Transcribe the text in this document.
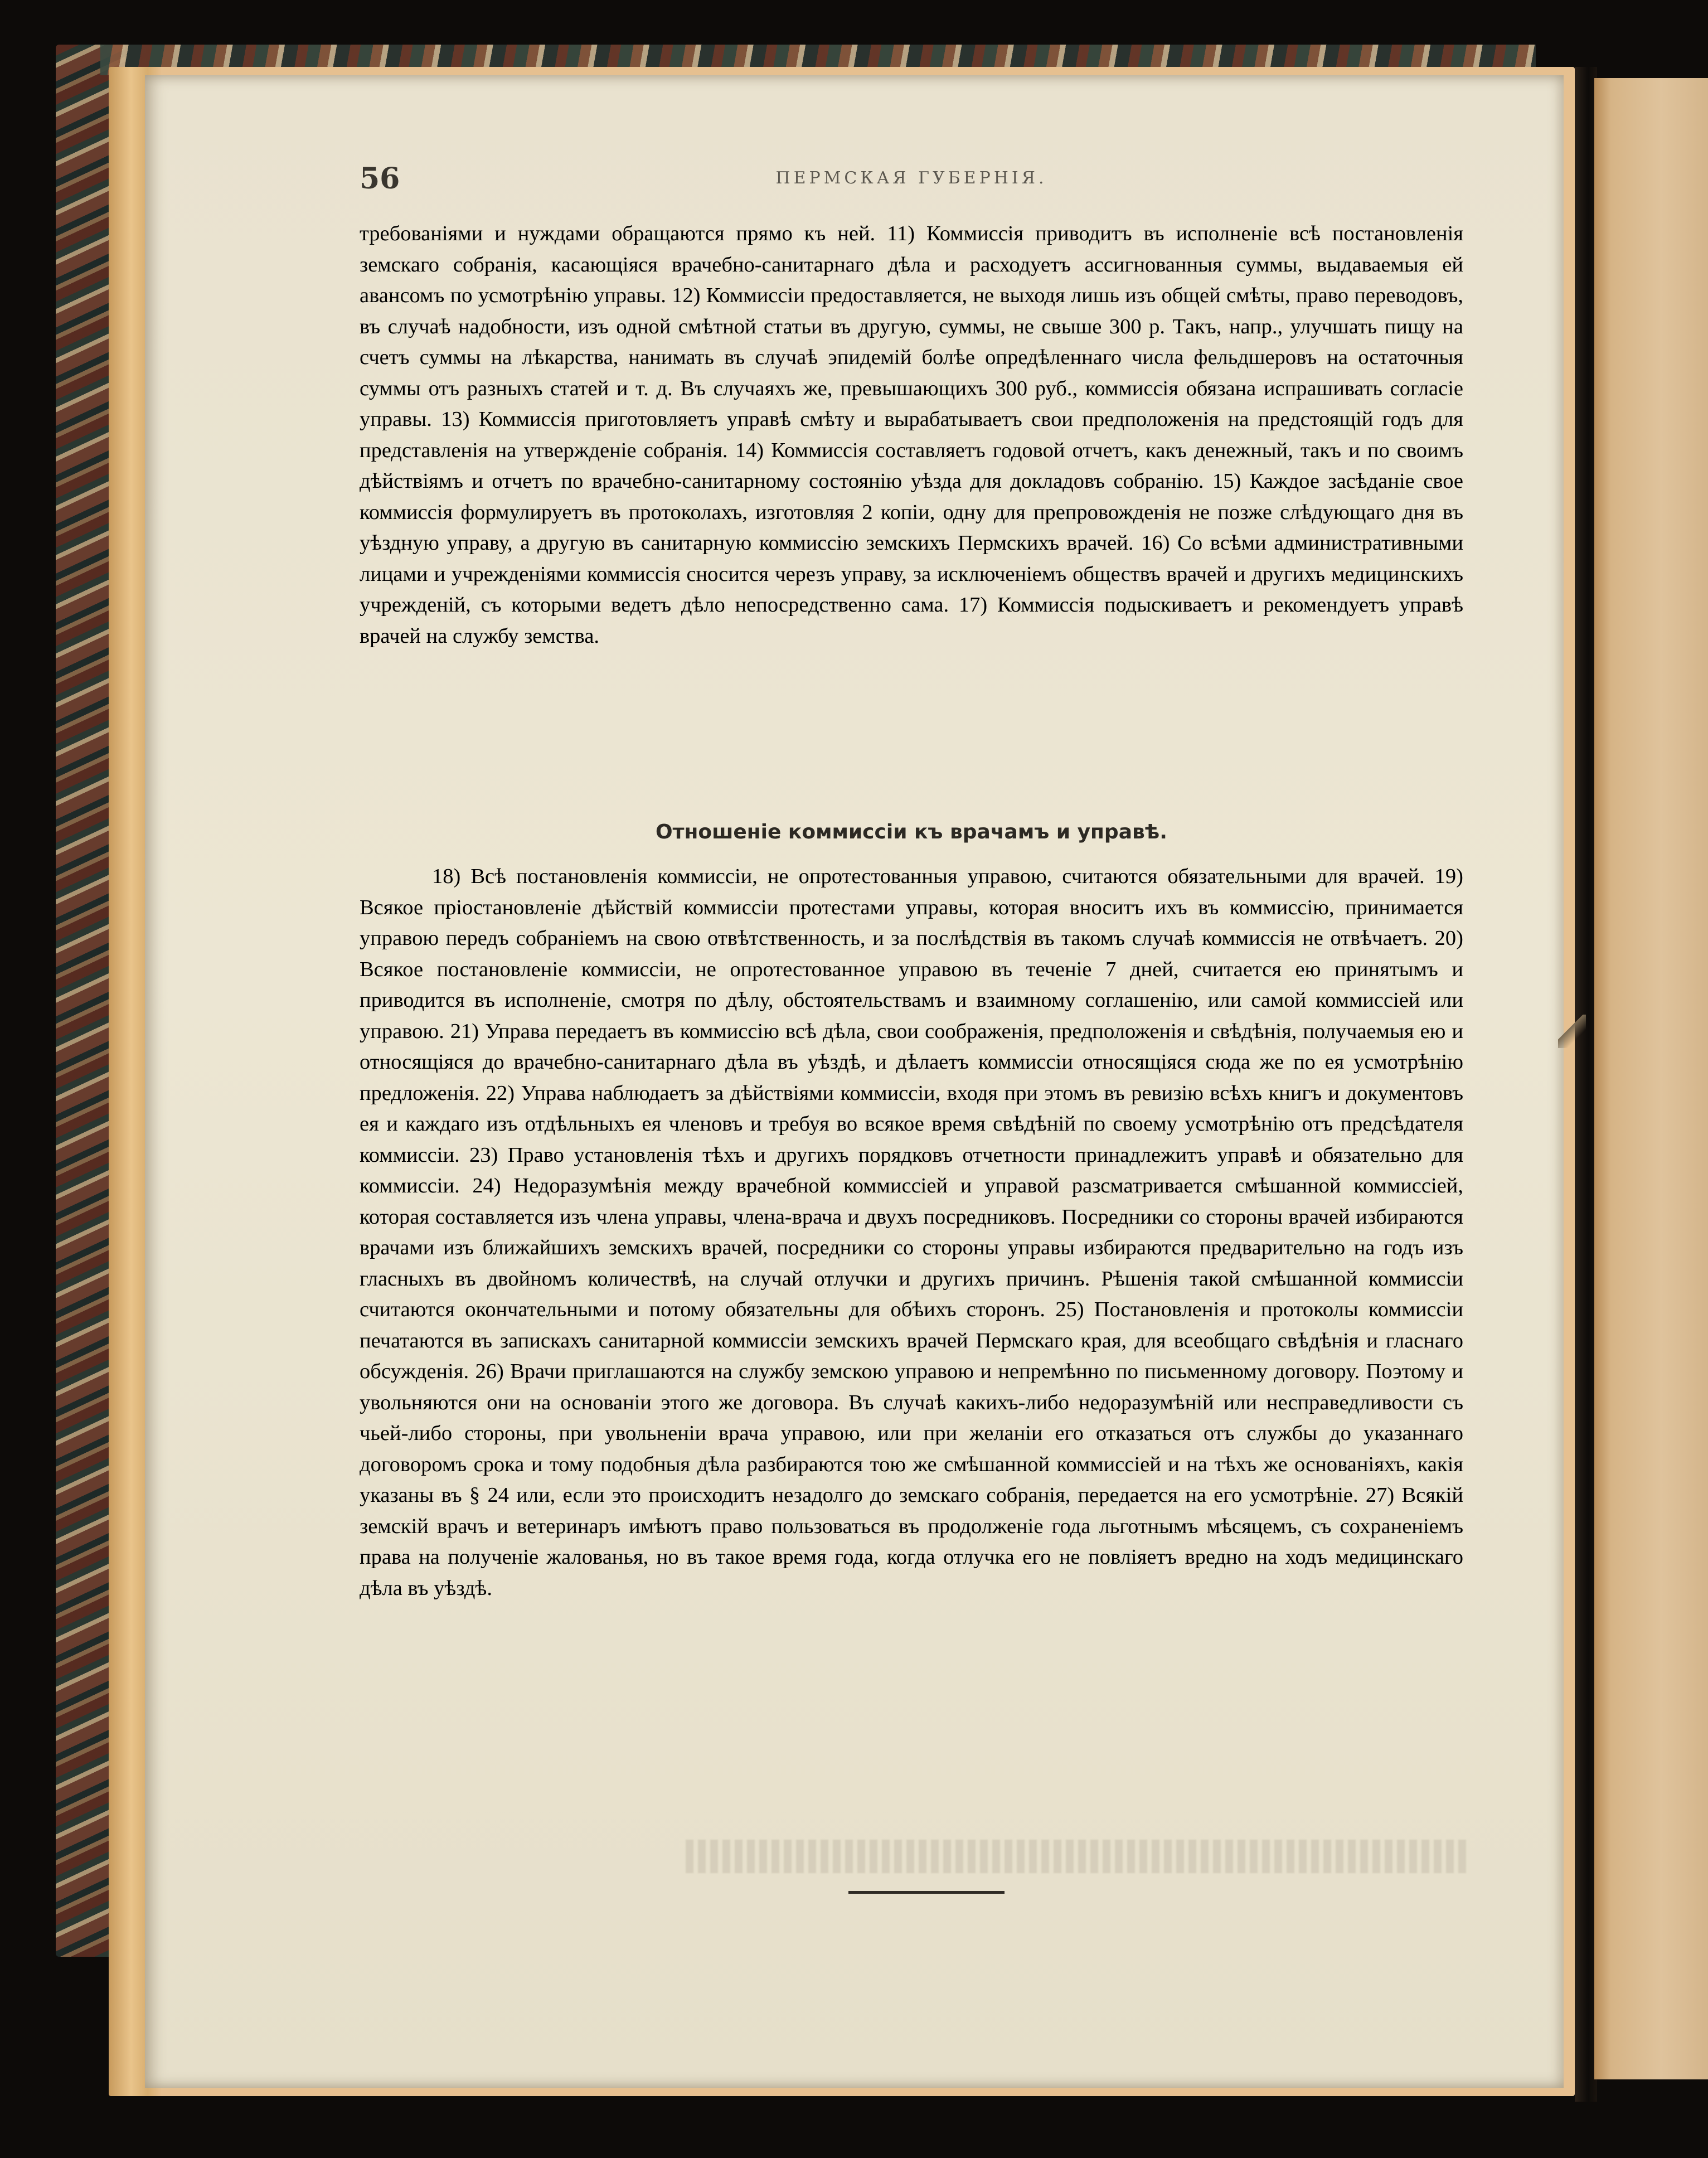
56	ПЕРМСКАЯ ГУБЕРНІЯ.

требованіями и нуждами обращаются прямо къ ней. 11) Коммиссія приводитъ въ исполненіе всѣ постановленія земскаго собранія, касающіяся врачебно-санитарнаго дѣла и расходуетъ ассигнованныя суммы, выдаваемыя ей авансомъ по усмотрѣнію управы. 12) Коммиссіи предоставляется, не выходя лишь изъ общей смѣты, право переводовъ, въ случаѣ надобности, изъ одной смѣтной статьи въ другую, суммы, не свыше 300 р. Такъ, напр., улучшать пищу на счетъ суммы на лѣкарства, нанимать въ случаѣ эпидемій болѣе опредѣленнаго числа фельдшеровъ на остаточныя суммы отъ разныхъ статей и т. д. Въ случаяхъ же, превышающихъ 300 руб., коммиссія обязана испрашивать согласіе управы. 13) Коммиссія приготовляетъ управѣ смѣту и вырабатываетъ свои предположенія на предстоящій годъ для представленія на утвержденіе собранія. 14) Коммиссія составляетъ годовой отчетъ, какъ денежный, такъ и по своимъ дѣйствіямъ и отчетъ по врачебно-санитарному состоянію уѣзда для докладовъ собранію. 15) Каждое засѣданіе свое коммиссія формулируетъ въ протоколахъ, изготовляя 2 копіи, одну для препровожденія не позже слѣдующаго дня въ уѣздную управу, а другую въ санитарную коммиссію земскихъ Пермскихъ врачей. 16) Со всѣми административными лицами и учрежденіями коммиссія сносится черезъ управу, за исключеніемъ обществъ врачей и другихъ медицинскихъ учрежденій, съ которыми ведетъ дѣло непосредственно сама. 17) Коммиссія подыскиваетъ и рекомендуетъ управѣ врачей на службу земства.

Отношеніе коммиссіи къ врачамъ и управѣ.

18) Всѣ постановленія коммиссіи, не опротестованныя управою, считаются обязательными для врачей. 19) Всякое пріостановленіе дѣйствій коммиссіи протестами управы, которая вноситъ ихъ въ коммиссію, принимается управою передъ собраніемъ на свою отвѣтственность, и за послѣдствія въ такомъ случаѣ коммиссія не отвѣчаетъ. 20) Всякое постановленіе коммиссіи, не опротестованное управою въ теченіе 7 дней, считается ею принятымъ и приводится въ исполненіе, смотря по дѣлу, обстоятельствамъ и взаимному соглашенію, или самой коммиссіей или управою. 21) Управа передаетъ въ коммиссію всѣ дѣла, свои соображенія, предположенія и свѣдѣнія, получаемыя ею и относящіяся до врачебно-санитарнаго дѣла въ уѣздѣ, и дѣлаетъ коммиссіи относящіяся сюда же по ея усмотрѣнію предложенія. 22) Управа наблюдаетъ за дѣйствіями коммиссіи, входя при этомъ въ ревизію всѣхъ книгъ и документовъ ея и каждаго изъ отдѣльныхъ ея членовъ и требуя во всякое время свѣдѣній по своему усмотрѣнію отъ предсѣдателя коммиссіи. 23) Право установленія тѣхъ и другихъ порядковъ отчетности принадлежитъ управѣ и обязательно для коммиссіи. 24) Недоразумѣнія между врачебной коммиссіей и управой разсматривается смѣшанной коммиссіей, которая составляется изъ члена управы, члена-врача и двухъ посредниковъ. Посредники со стороны врачей избираются врачами изъ ближайшихъ земскихъ врачей, посредники со стороны управы избираются предварительно на годъ изъ гласныхъ въ двойномъ количествѣ, на случай отлучки и другихъ причинъ. Рѣшенія такой смѣшанной коммиссіи считаются окончательными и потому обязательны для обѣихъ сторонъ. 25) Постановленія и протоколы коммиссіи печатаются въ запискахъ санитарной коммиссіи земскихъ врачей Пермскаго края, для всеобщаго свѣдѣнія и гласнаго обсужденія. 26) Врачи приглашаются на службу земскою управою и непремѣнно по письменному договору. Поэтому и увольняются они на основаніи этого же договора. Въ случаѣ какихъ-либо недоразумѣній или несправедливости съ чьей-либо стороны, при увольненіи врача управою, или при желаніи его отказаться отъ службы до указаннаго договоромъ срока и тому подобныя дѣла разбираются тою же смѣшанной коммиссіей и на тѣхъ же основаніяхъ, какія указаны въ § 24 или, если это происходитъ незадолго до земскаго собранія, передается на его усмотрѣніе. 27) Всякій земскій врачъ и ветеринаръ имѣютъ право пользоваться въ продолженіе года льготнымъ мѣсяцемъ, съ сохраненіемъ права на полученіе жалованья, но въ такое время года, когда отлучка его не повліяетъ вредно на ходъ медицинскаго дѣла въ уѣздѣ.
